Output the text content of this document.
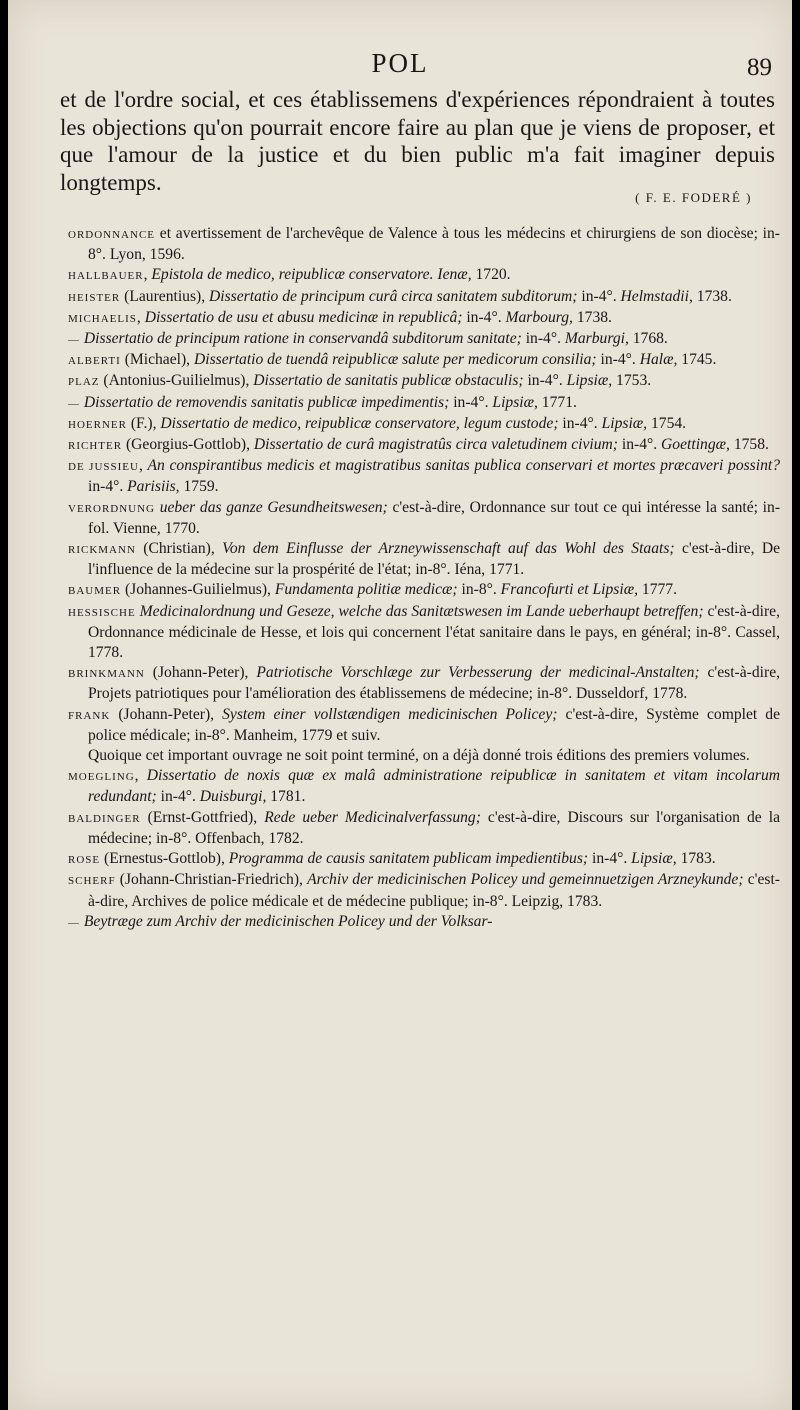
POL	89

et de l'ordre social, et ces établissemens d'expériences répondraient à toutes les objections qu'on pourrait encore faire au plan que je viens de proposer, et que l'amour de la justice et du bien public m'a fait imaginer depuis longtemps.

( F. E. FODERÉ )

ORDONNANCE et avertissement de l'archevêque de Valence à tous les médecins et chirurgiens de son diocèse; in-8°. Lyon, 1596.

HALLBAUER, Epistola de medico, reipublicæ conservatore. Ienæ, 1720.

HEISTER (Laurentius), Dissertatio de principum curâ circa sanitatem subditorum; in-4°. Helmstadii, 1738.

MICHAELIS, Dissertatio de usu et abusu medicinæ in republicâ; in-4°. Marbourg, 1738.

— Dissertatio de principum ratione in conservandâ subditorum sanitate; in-4°. Marburgi, 1768.

ALBERTI (Michael), Dissertatio de tuendâ reipublicæ salute per medicorum consilia; in-4°. Halæ, 1745.

PLAZ (Antonius-Guilielmus), Dissertatio de sanitatis publicæ obstaculis; in-4°. Lipsiæ, 1753.

— Dissertatio de removendis sanitatis publicæ impedimentis; in-4°. Lipsiæ, 1771.

HOERNER (F.), Dissertatio de medico, reipublicæ conservatore, legum custode; in-4°. Lipsiæ, 1754.

RICHTER (Georgius-Gottlob), Dissertatio de curâ magistratûs circa valetudinem civium; in-4°. Goettingæ, 1758.

DE JUSSIEU, An conspirantibus medicis et magistratibus sanitas publica conservari et mortes præcaveri possint? in-4°. Parisiis, 1759.

VERORDNUNG ueber das ganze Gesundheitswesen; c'est-à-dire, Ordonnance sur tout ce qui intéresse la santé; in-fol. Vienne, 1770.

RICKMANN (Christian), Von dem Einflusse der Arzneywissenschaft auf das Wohl des Staats; c'est-à-dire, De l'influence de la médecine sur la prospérité de l'état; in-8°. Iéna, 1771.

BAUMER (Johannes-Guilielmus), Fundamenta politiæ medicæ; in-8°. Francofurti et Lipsiæ, 1777.

HESSISCHE Medicinalordnung und Geseze, welche das Sanitætswesen im Lande ueberhaupt betreffen; c'est-à-dire, Ordonnance médicinale de Hesse, et lois qui concernent l'état sanitaire dans le pays, en général; in-8°. Cassel, 1778.

BRINKMANN (Johann-Peter), Patriotische Vorschlæge zur Verbesserung der medicinal-Anstalten; c'est-à-dire, Projets patriotiques pour l'amélioration des établissemens de médecine; in-8°. Dusseldorf, 1778.

FRANK (Johann-Peter), System einer vollstændigen medicinischen Policey; c'est-à-dire, Système complet de police médicale; in-8°. Manheim, 1779 et suiv.

Quoique cet important ouvrage ne soit point terminé, on a déjà donné trois éditions des premiers volumes.

MOEGLING, Dissertatio de noxis quæ ex malâ administratione reipublicæ in sanitatem et vitam incolarum redundant; in-4°. Duisburgi, 1781.

BALDINGER (Ernst-Gottfried), Rede ueber Medicinalverfassung; c'est-à-dire, Discours sur l'organisation de la médecine; in-8°. Offenbach, 1782.

ROSE (Ernestus-Gottlob), Programma de causis sanitatem publicam impedientibus; in-4°. Lipsiæ, 1783.

SCHERF (Johann-Christian-Friedrich), Archiv der medicinischen Policey und gemeinnuetzigen Arzneykunde; c'est-à-dire, Archives de police médicale et de médecine publique; in-8°. Leipzig, 1783.

— Beytræge zum Archiv der medicinischen Policey und der Volksar-
